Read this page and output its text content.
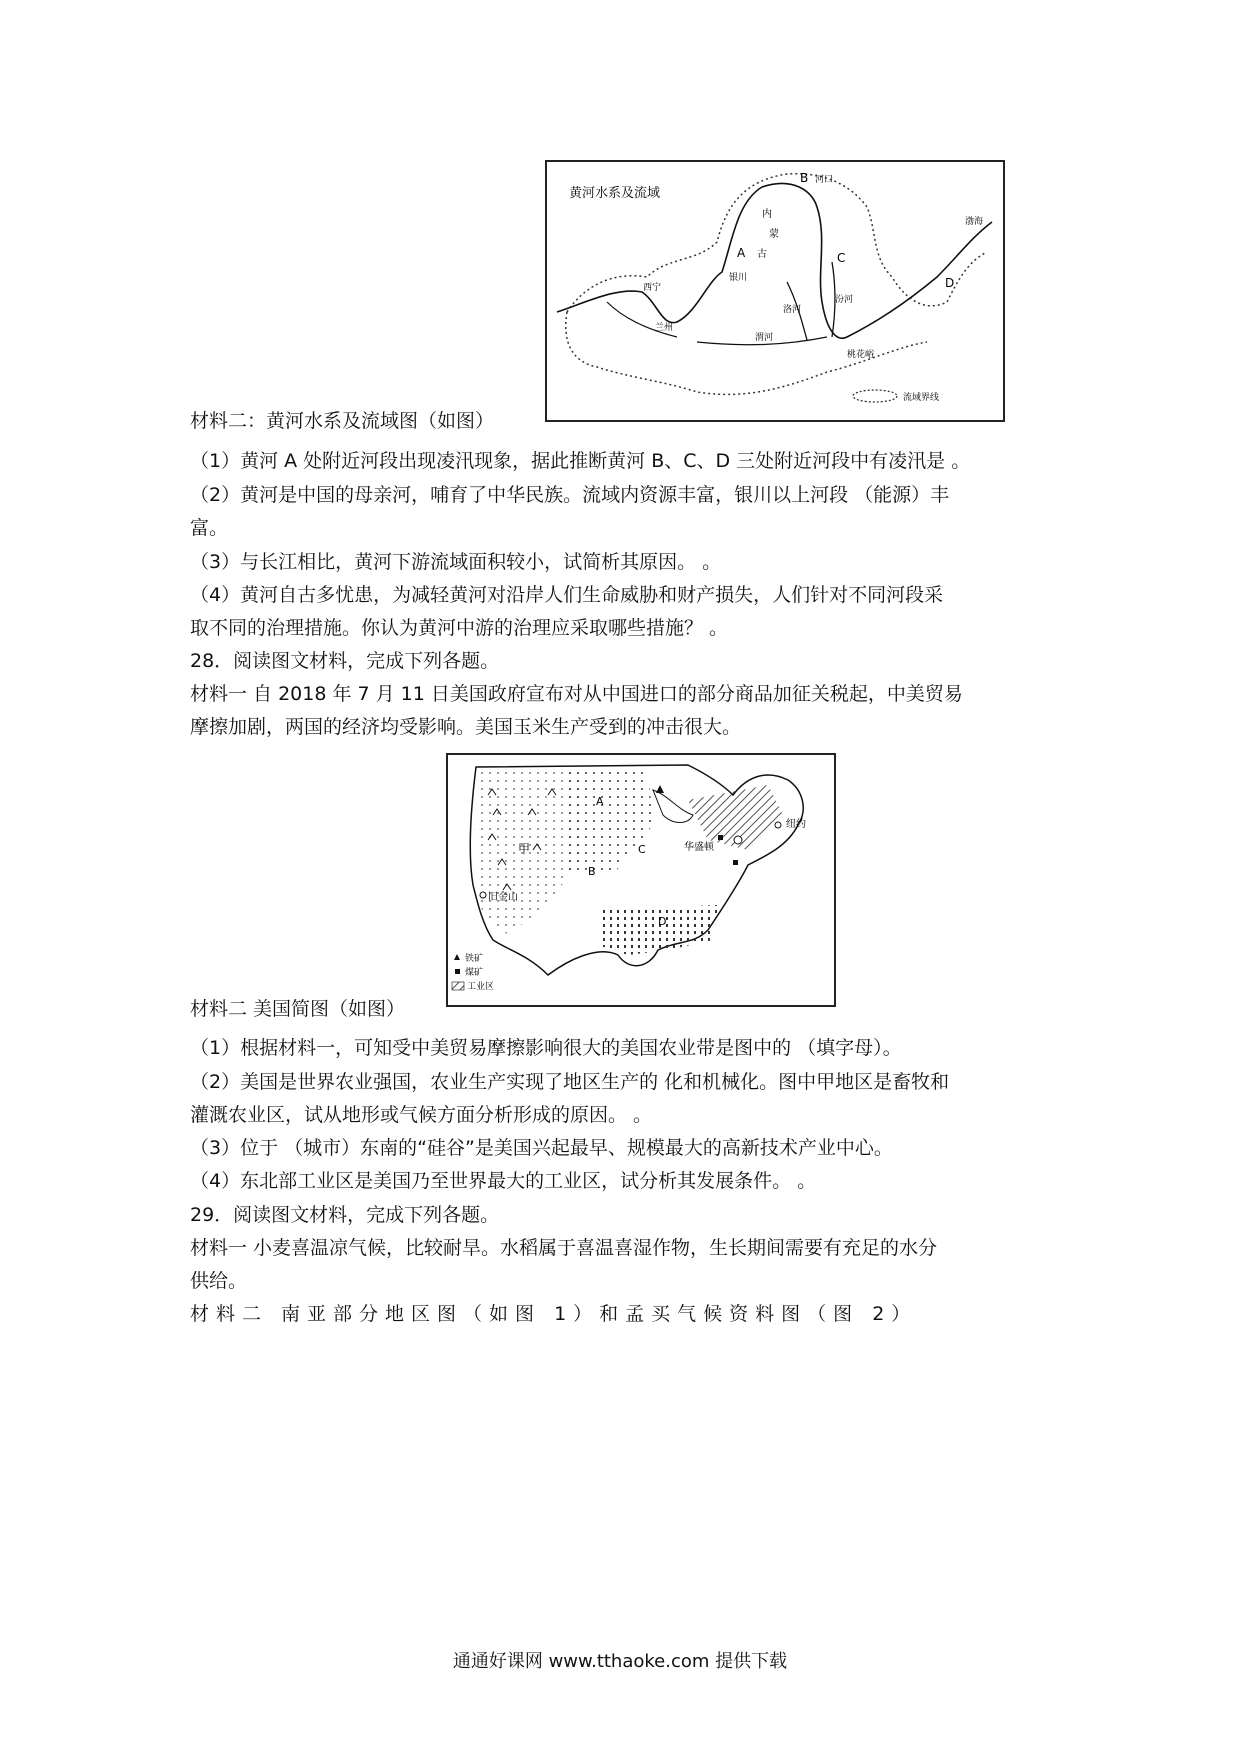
黄河水系及流域
A
B
C
D
河口
渤海
西宁
兰州
银川
渭河
汾河
洛河
桃花峪
内
蒙
古
流域界线
材料二：黄河水系及流域图（如图）
（1）黄河 A 处附近河段出现凌汛现象，据此推断黄河 B、C、D 三处附近河段中有凌汛是 。
（2）黄河是中国的母亲河，哺育了中华民族。流域内资源丰富，银川以上河段 （能源）丰
富。
（3）与长江相比，黄河下游流域面积较小，试简析其原因。 。
（4）黄河自古多忧患，为减轻黄河对沿岸人们生命威胁和财产损失，人们针对不同河段采
取不同的治理措施。你认为黄河中游的治理应采取哪些措施？ 。
28．阅读图文材料，完成下列各题。
材料一 自 2018 年 7 月 11 日美国政府宣布对从中国进口的部分商品加征关税起，中美贸易
摩擦加剧，两国的经济均受影响。美国玉米生产受到的冲击很大。
A
B
C
D
甲
旧金山
华盛顿
纽约
铁矿
煤矿
工业区
材料二 美国简图（如图）
（1）根据材料一，可知受中美贸易摩擦影响很大的美国农业带是图中的 （填字母）。
（2）美国是世界农业强国，农业生产实现了地区生产的 化和机械化。图中甲地区是畜牧和
灌溉农业区，试从地形或气候方面分析形成的原因。 。
（3）位于 （城市）东南的“硅谷”是美国兴起最早、规模最大的高新技术产业中心。
（4）东北部工业区是美国乃至世界最大的工业区，试分析其发展条件。 。
29．阅读图文材料，完成下列各题。
材料一 小麦喜温凉气候，比较耐旱。水稻属于喜温喜湿作物，生长期间需要有充足的水分
供给。
材料二 南亚部分地区图（如图 1）和孟买气候资料图（图 2）
通通好课网 www.tthaoke.com 提供下载
